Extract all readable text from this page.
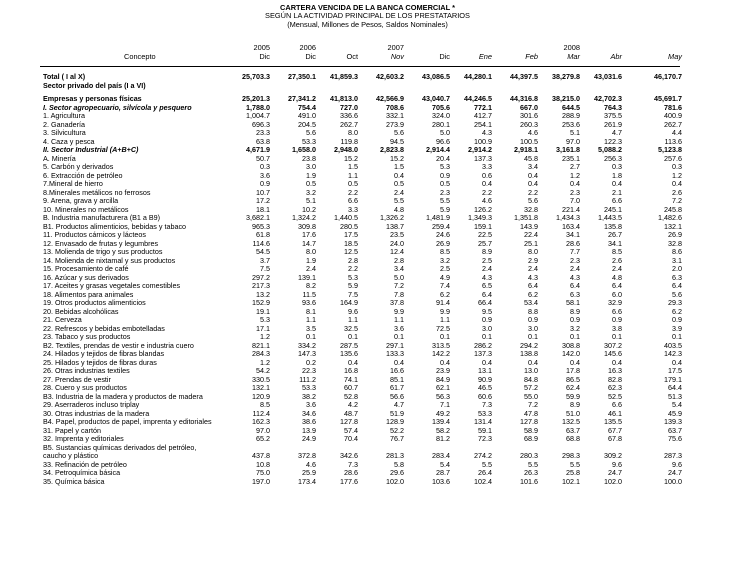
CARTERA VENCIDA DE LA BANCA COMERCIAL *
SEGÚN LA ACTIVIDAD PRINCIPAL DE LOS PRESTATARIOS
(Mensual, Millones de Pesos, Saldos Nominales)
2005	2006	2007	2008
Concepto	Dic	Dic	Oct	Nov	Dic	Ene	Feb	Mar	Abr	May
Total ( I al X)	25,703.3	27,350.1	41,859.3	42,603.2	43,086.5	44,280.1	44,397.5	38,279.8	43,031.6	46,170.7
Sector privado del país (I a VI)
Empresas y personas físicas	25,201.3	27,341.2	41,813.0	42,566.9	43,040.7	44,246.5	44,316.8	38,215.0	42,702.3	45,691.7
I. Sector agropecuario, silvícola y pesquero	1,788.0	754.4	727.0	708.6	705.6	772.1	667.0	644.5	764.3	781.6
1. Agricultura	1,004.7	491.0	336.6	332.1	324.0	412.7	301.6	288.9	375.5	400.9
2. Ganadería	696.3	204.5	262.7	273.9	280.1	254.1	260.3	253.6	261.9	262.7
3. Silvicultura	23.3	5.6	8.0	5.6	5.0	4.3	4.6	5.1	4.7	4.4
4. Caza y pesca	63.8	53.3	119.8	94.5	96.6	100.9	100.5	97.0	122.3	113.6
II. Sector Industrial (A+B+C)	4,671.9	1,658.0	2,948.0	2,823.8	2,914.4	2,914.2	2,918.1	3,161.8	5,088.2	5,123.8
A. Minería	50.7	23.8	15.2	15.2	20.4	137.3	45.8	235.1	256.3	257.6
5. Carbón y derivados	0.3	3.0	1.5	1.5	5.3	3.3	3.4	2.7	0.3	0.3
6. Extracción de petróleo	3.6	1.9	1.1	0.4	0.9	0.6	0.4	1.2	1.8	1.2
7.Mineral de hierro	0.9	0.5	0.5	0.5	0.5	0.4	0.4	0.4	0.4	0.4
8.Minerales metálicos no ferrosos	10.7	3.2	2.2	2.4	2.3	2.2	2.2	2.3	2.1	2.6
9. Arena, grava y arcilla	17.2	5.1	6.6	5.5	5.5	4.6	5.6	7.0	6.6	7.2
10. Minerales no metálicos	18.1	10.2	3.3	4.8	5.9	126.2	32.8	221.4	245.1	245.8
B. Industria manufacturera (B1 a B9)	3,682.1	1,324.2	1,440.5	1,326.2	1,481.9	1,349.3	1,351.8	1,434.3	1,443.5	1,482.6
B1. Productos alimenticios, bebidas y tabaco	965.3	309.8	280.5	138.7	259.4	159.1	143.9	163.4	135.8	132.1
11. Productos cárnicos y lácteos	61.8	17.6	17.5	23.5	24.6	22.5	22.4	34.1	26.7	26.9
12. Envasado de frutas y legumbres	114.6	14.7	18.5	24.0	26.9	25.7	25.1	28.6	34.1	32.8
13. Molienda de trigo y sus productos	54.5	8.0	12.5	12.4	8.5	8.9	8.0	7.7	8.5	8.6
14. Molienda de nixtamal y sus productos	3.7	1.9	2.8	2.8	3.2	2.5	2.9	2.3	2.6	3.1
15. Procesamiento de café	7.5	2.4	2.2	3.4	2.5	2.4	2.4	2.4	2.4	2.0
16. Azúcar y sus derivados	297.2	139.1	5.3	5.0	4.9	4.3	4.3	4.3	4.8	6.3
17. Aceites y grasas vegetales comestibles	217.3	8.2	5.9	7.2	7.4	6.5	6.4	6.4	6.4	6.4
18. Alimentos para animales	13.2	11.5	7.5	7.8	6.2	6.4	6.2	6.3	6.0	5.6
19. Otros productos alimenticios	152.9	93.6	164.9	37.8	91.4	66.4	53.4	58.1	32.9	29.3
20. Bebidas alcohólicas	19.1	8.1	9.6	9.9	9.9	9.5	8.8	8.9	6.6	6.2
21. Cerveza	5.3	1.1	1.1	1.1	1.1	0.9	0.9	0.9	0.9	0.9
22. Refrescos y bebidas embotelladas	17.1	3.5	32.5	3.6	72.5	3.0	3.0	3.2	3.8	3.9
23. Tabaco y sus productos	1.2	0.1	0.1	0.1	0.1	0.1	0.1	0.1	0.1	0.1
B2. Textiles, prendas de vestir e industria cuero	821.1	334.2	287.5	297.1	313.5	286.2	294.2	308.8	307.2	403.5
24. Hilados y tejidos de fibras blandas	284.3	147.3	135.6	133.3	142.2	137.3	138.8	142.0	145.6	142.3
25. Hilados y tejidos de fibras duras	1.2	0.2	0.4	0.4	0.4	0.4	0.4	0.4	0.4	0.4
26. Otras industrias textiles	54.2	22.3	16.8	16.6	23.9	13.1	13.0	17.8	16.3	17.5
27. Prendas de vestir	330.5	111.2	74.1	85.1	84.9	90.9	84.8	86.5	82.8	179.1
28. Cuero y sus productos	132.1	53.3	60.7	61.7	62.1	46.5	57.2	62.4	62.3	64.4
B3. Industria de la madera y productos de madera	120.9	38.2	52.8	56.6	56.3	60.6	55.0	59.9	52.5	51.3
29. Aserraderos incluso triplay	8.5	3.6	4.2	4.7	7.1	7.3	7.2	8.9	6.6	5.4
30. Otras industrias de la madera	112.4	34.6	48.7	51.9	49.2	53.3	47.8	51.0	46.1	45.9
B4. Papel, productos de papel, imprenta y editoriales	162.3	38.6	127.8	128.9	139.4	131.4	127.8	132.5	135.5	139.3
31. Papel y cartón	97.0	13.9	57.4	52.2	58.2	59.1	58.9	63.7	67.7	63.7
32. Imprenta y editoriales	65.2	24.9	70.4	76.7	81.2	72.3	68.9	68.8	67.8	75.6
B5. Sustancias químicas derivados del petróleo,
caucho y plástico	437.8	372.8	342.6	281.3	283.4	274.2	280.3	298.3	309.2	287.3
33. Refinación de petróleo	10.8	4.6	7.3	5.8	5.4	5.5	5.5	5.5	9.6	9.6
34. Petroquímica básica	75.0	25.9	28.6	29.6	28.7	26.4	26.3	25.8	24.7	24.7
35. Química básica	197.0	173.4	177.6	102.0	103.6	102.4	101.6	102.1	102.0	100.0
